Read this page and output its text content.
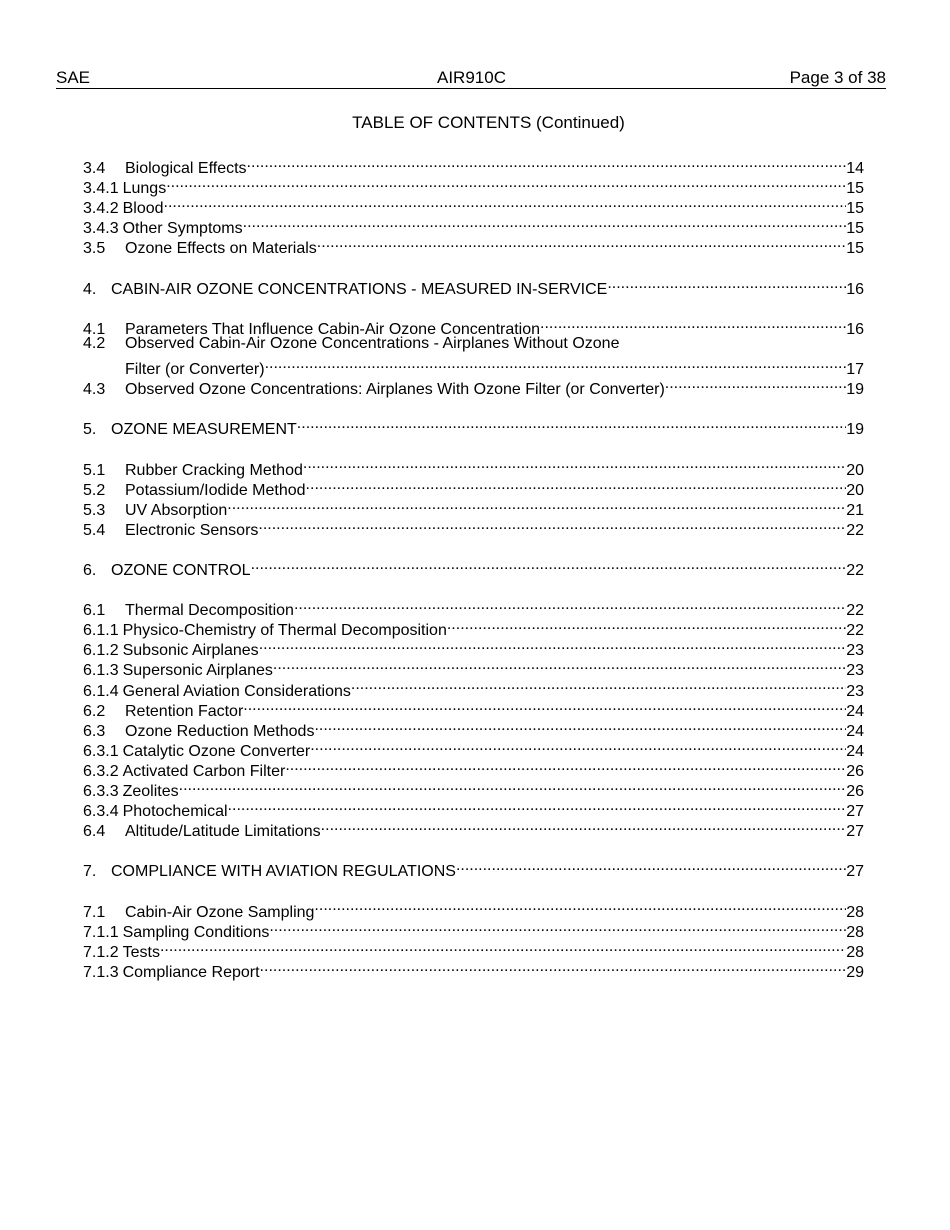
SAE	AIR910C	Page 3 of 38
TABLE OF CONTENTS (Continued)
3.4	Biological Effects .....	14
3.4.1 Lungs .....	15
3.4.2 Blood .....	15
3.4.3 Other Symptoms .....	15
3.5	Ozone Effects on Materials .....	15
4. CABIN-AIR OZONE CONCENTRATIONS - MEASURED IN-SERVICE .....	16
4.1	Parameters That Influence Cabin-Air Ozone Concentration .....	16
4.2	Observed Cabin-Air Ozone Concentrations - Airplanes Without Ozone
Filter (or Converter) .....	17
4.3	Observed Ozone Concentrations: Airplanes With Ozone Filter (or Converter) .....	19
5. OZONE MEASUREMENT .....	19
5.1	Rubber Cracking Method .....	20
5.2	Potassium/Iodide Method .....	20
5.3	UV Absorption .....	21
5.4	Electronic Sensors .....	22
6. OZONE CONTROL .....	22
6.1	Thermal Decomposition .....	22
6.1.1 Physico-Chemistry of Thermal Decomposition .....	22
6.1.2 Subsonic Airplanes .....	23
6.1.3 Supersonic Airplanes .....	23
6.1.4 General Aviation Considerations .....	23
6.2	Retention Factor .....	24
6.3	Ozone Reduction Methods .....	24
6.3.1 Catalytic Ozone Converter .....	24
6.3.2 Activated Carbon Filter .....	26
6.3.3 Zeolites .....	26
6.3.4 Photochemical .....	27
6.4	Altitude/Latitude Limitations .....	27
7. COMPLIANCE WITH AVIATION REGULATIONS .....	27
7.1	Cabin-Air Ozone Sampling .....	28
7.1.1 Sampling Conditions .....	28
7.1.2 Tests .....	28
7.1.3 Compliance Report .....	29
